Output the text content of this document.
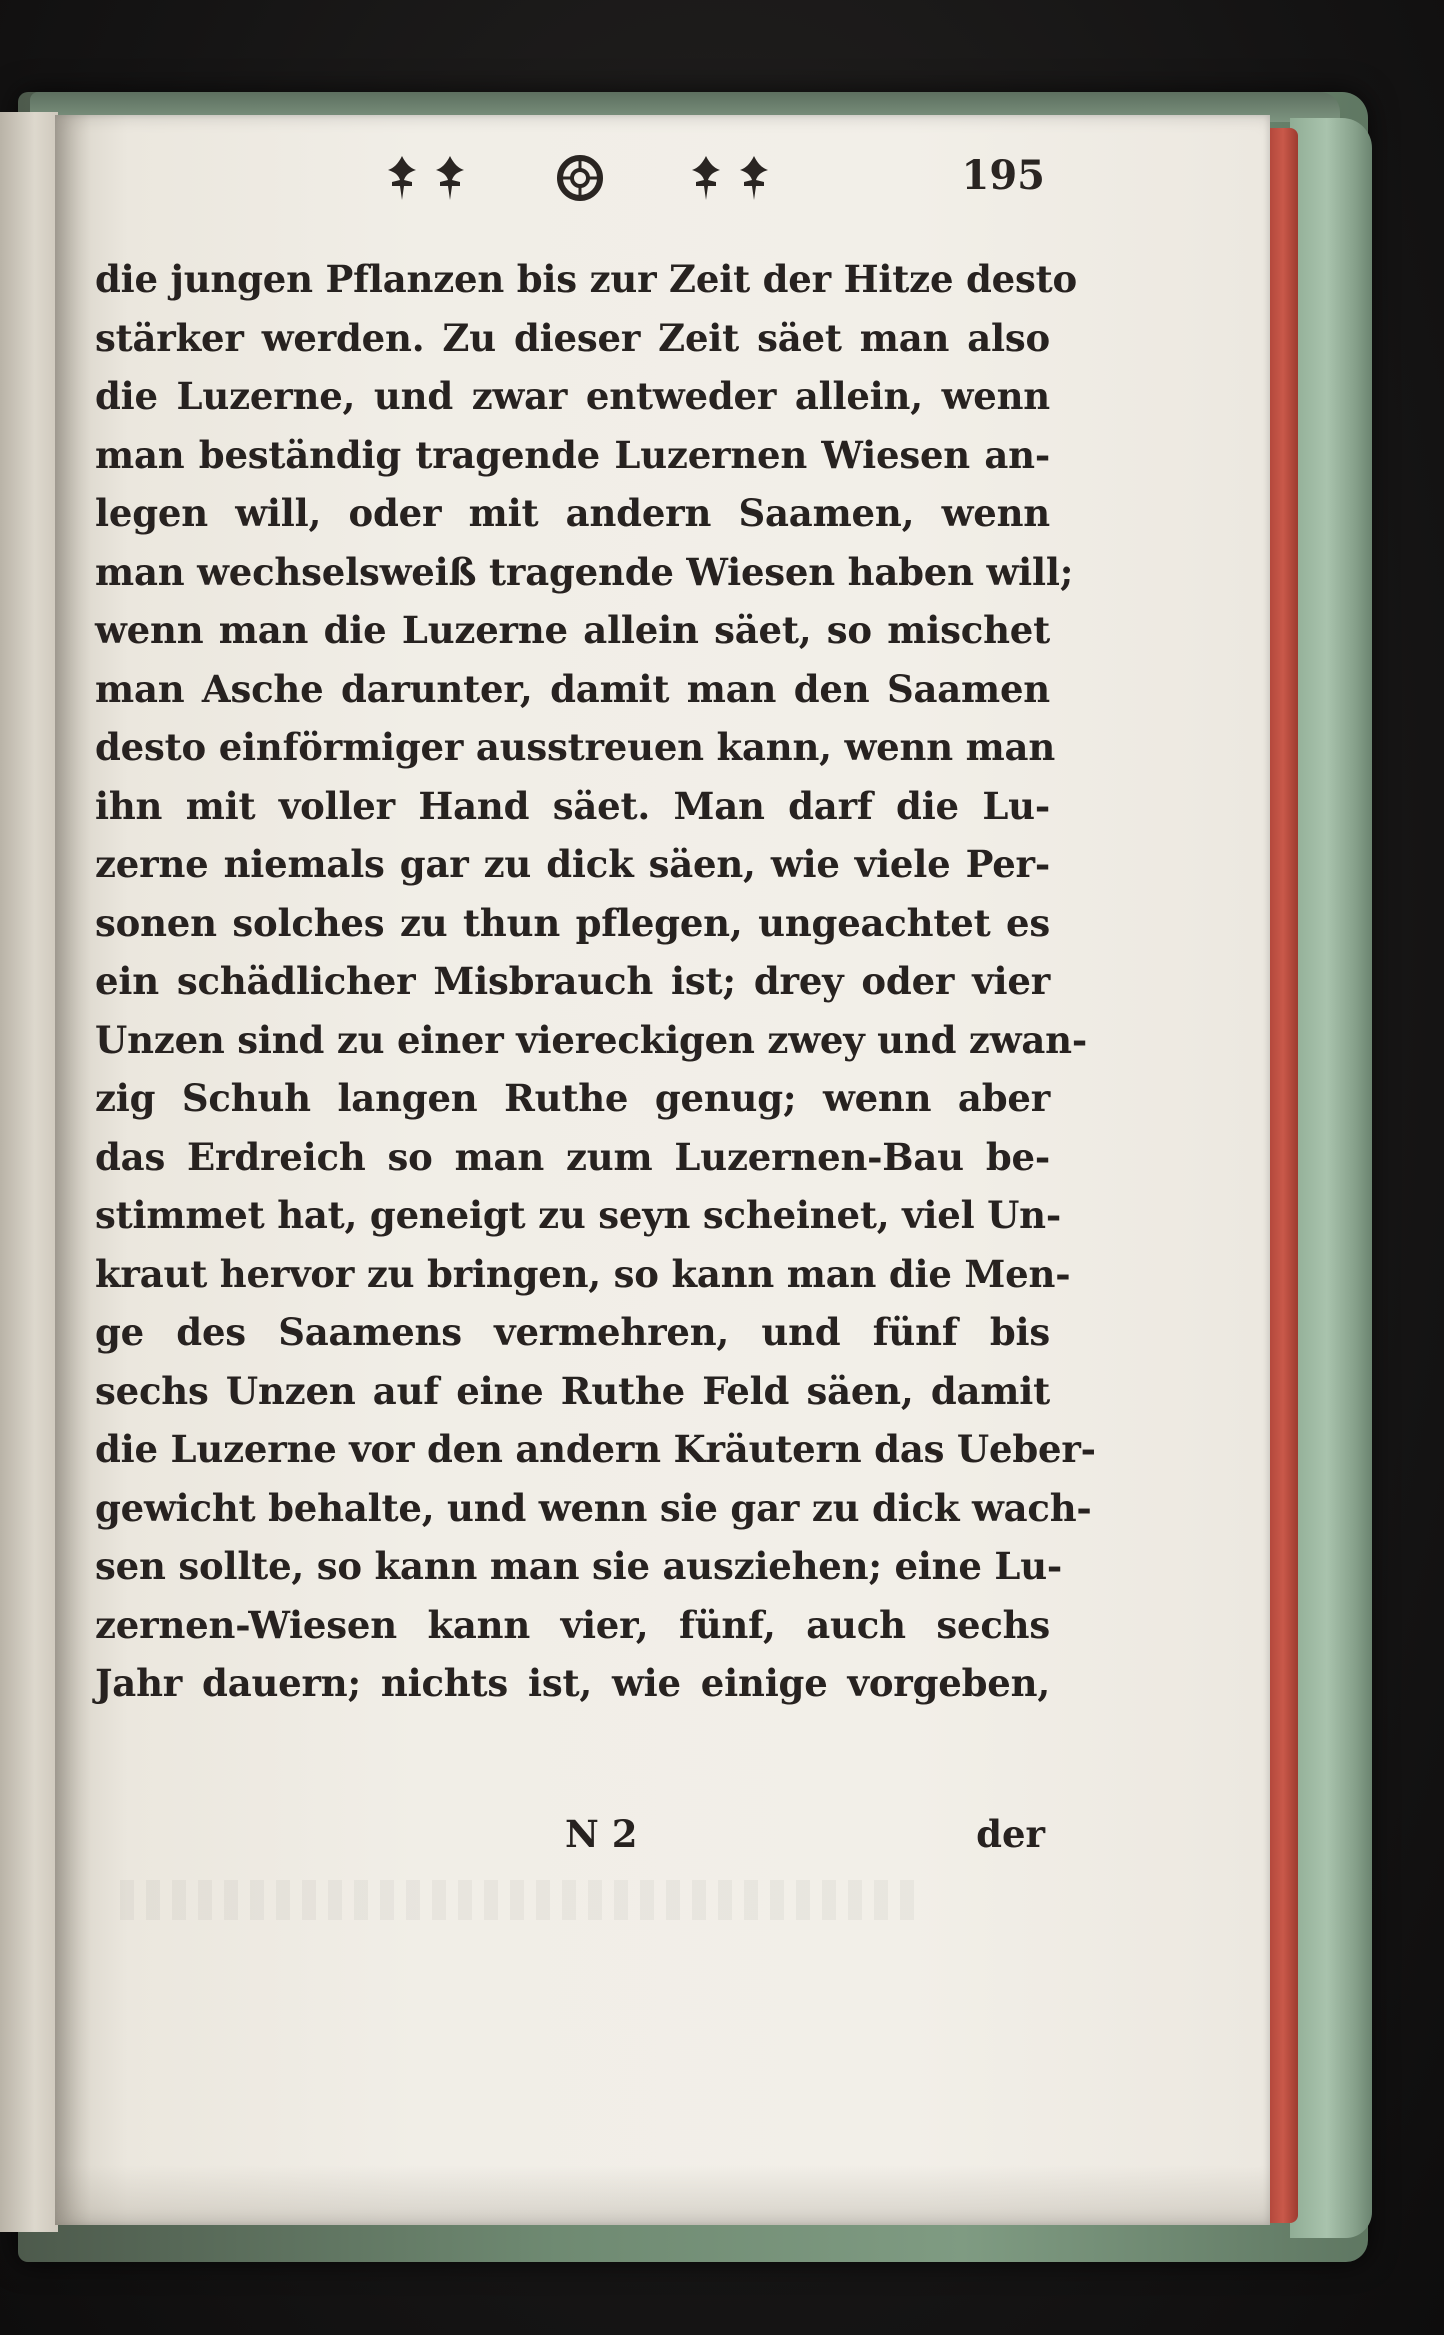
195
die jungen Pflanzen bis zur Zeit der Hitze desto
stärker werden. Zu dieser Zeit säet man also
die Luzerne, und zwar entweder allein, wenn
man beständig tragende Luzernen Wiesen an-
legen will, oder mit andern Saamen, wenn
man wechselsweiß tragende Wiesen haben will;
wenn man die Luzerne allein säet, so mischet
man Asche darunter, damit man den Saamen
desto einförmiger ausstreuen kann, wenn man
ihn mit voller Hand säet. Man darf die Lu-
zerne niemals gar zu dick säen, wie viele Per-
sonen solches zu thun pflegen, ungeachtet es
ein schädlicher Misbrauch ist; drey oder vier
Unzen sind zu einer viereckigen zwey und zwan-
zig Schuh langen Ruthe genug; wenn aber
das Erdreich so man zum Luzernen-Bau be-
stimmet hat, geneigt zu seyn scheinet, viel Un-
kraut hervor zu bringen, so kann man die Men-
ge des Saamens vermehren, und fünf bis
sechs Unzen auf eine Ruthe Feld säen, damit
die Luzerne vor den andern Kräutern das Ueber-
gewicht behalte, und wenn sie gar zu dick wach-
sen sollte, so kann man sie ausziehen; eine Lu-
zernen-Wiesen kann vier, fünf, auch sechs
Jahr dauern; nichts ist, wie einige vorgeben,
N 2	der
